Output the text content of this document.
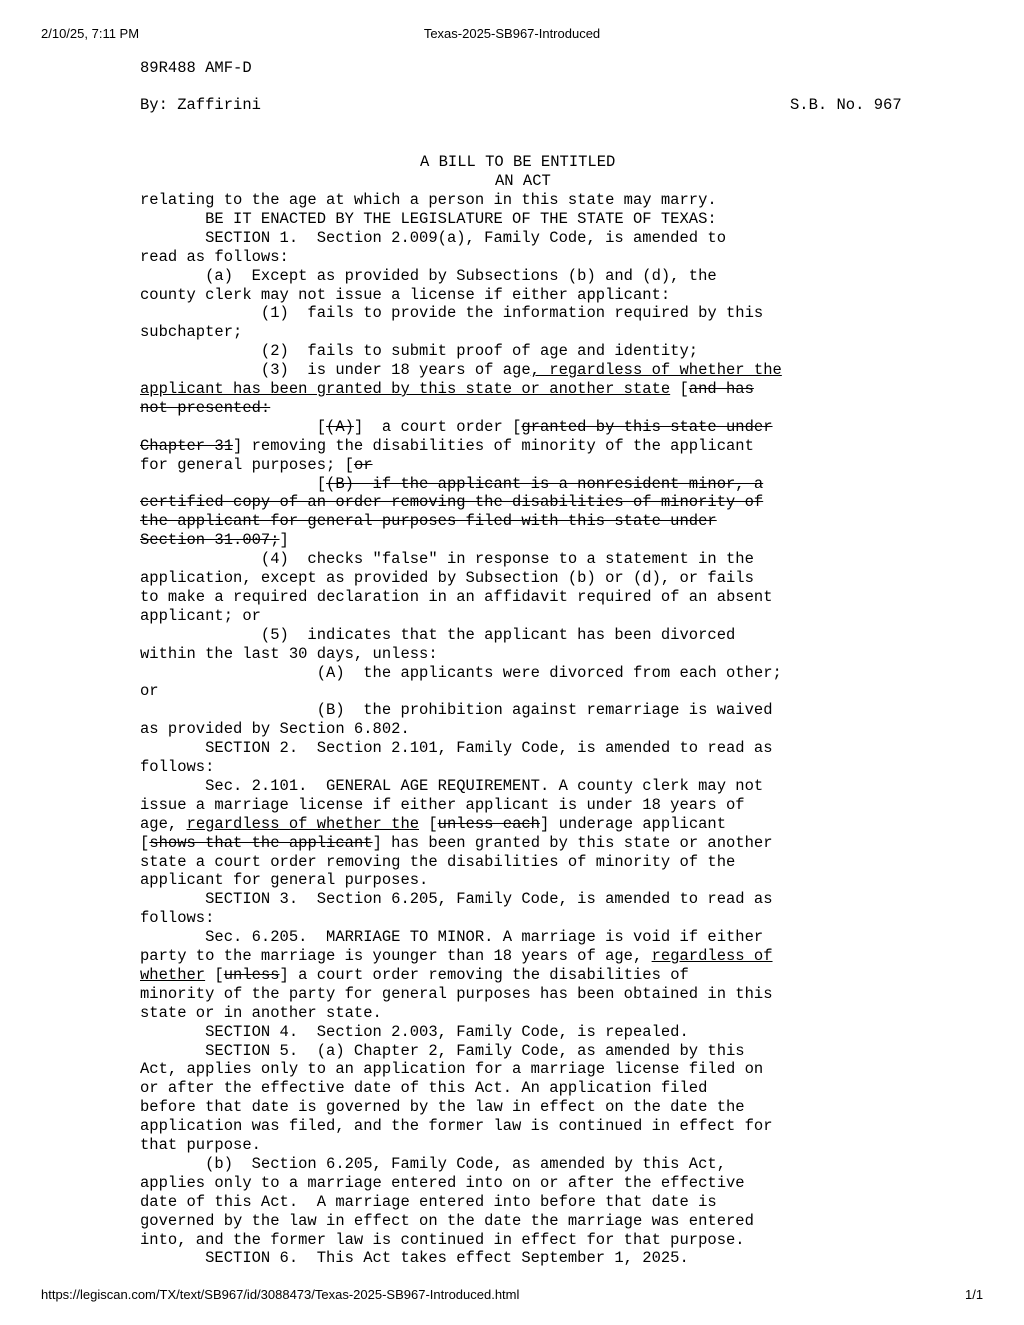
2/10/25, 7:11 PM	Texas-2025-SB967-Introduced

89R488 AMF-D

By: Zaffirini

	S.B. No. 967

A BILL TO BE ENTITLED

AN ACT

relating to the age at which a person in this state may marry.
BE IT ENACTED BY THE LEGISLATURE OF THE STATE OF TEXAS:
SECTION 1.  Section 2.009(a), Family Code, is amended to
read as follows:
(a)  Except as provided by Subsections (b) and (d), the
county clerk may not issue a license if either applicant:
(1)  fails to provide the information required by this
subchapter;
(2)  fails to submit proof of age and identity;
(3)  is under 18 years of age, regardless of whether the
applicant has been granted by this state or another state [and has
not presented:
[(A)]  a court order [granted by this state under
Chapter 31] removing the disabilities of minority of the applicant
for general purposes; [or
[(B)  if the applicant is a nonresident minor, a
certified copy of an order removing the disabilities of minority of
the applicant for general purposes filed with this state under
Section 31.007;]
(4)  checks "false" in response to a statement in the
application, except as provided by Subsection (b) or (d), or fails
to make a required declaration in an affidavit required of an absent
applicant; or
(5)  indicates that the applicant has been divorced
within the last 30 days, unless:
(A)  the applicants were divorced from each other;
or
(B)  the prohibition against remarriage is waived
as provided by Section 6.802.
SECTION 2.  Section 2.101, Family Code, is amended to read as
follows:
Sec. 2.101.  GENERAL AGE REQUIREMENT. A county clerk may not
issue a marriage license if either applicant is under 18 years of
age, regardless of whether the [unless each] underage applicant
[shows that the applicant] has been granted by this state or another
state a court order removing the disabilities of minority of the
applicant for general purposes.
SECTION 3.  Section 6.205, Family Code, is amended to read as
follows:
Sec. 6.205.  MARRIAGE TO MINOR. A marriage is void if either
party to the marriage is younger than 18 years of age, regardless of
whether [unless] a court order removing the disabilities of
minority of the party for general purposes has been obtained in this
state or in another state.
SECTION 4.  Section 2.003, Family Code, is repealed.
SECTION 5.  (a) Chapter 2, Family Code, as amended by this
Act, applies only to an application for a marriage license filed on
or after the effective date of this Act. An application filed
before that date is governed by the law in effect on the date the
application was filed, and the former law is continued in effect for
that purpose.
(b)  Section 6.205, Family Code, as amended by this Act,
applies only to a marriage entered into on or after the effective
date of this Act.  A marriage entered into before that date is
governed by the law in effect on the date the marriage was entered
into, and the former law is continued in effect for that purpose.
SECTION 6.  This Act takes effect September 1, 2025.

https://legiscan.com/TX/text/SB967/id/3088473/Texas-2025-SB967-Introduced.html	1/1
